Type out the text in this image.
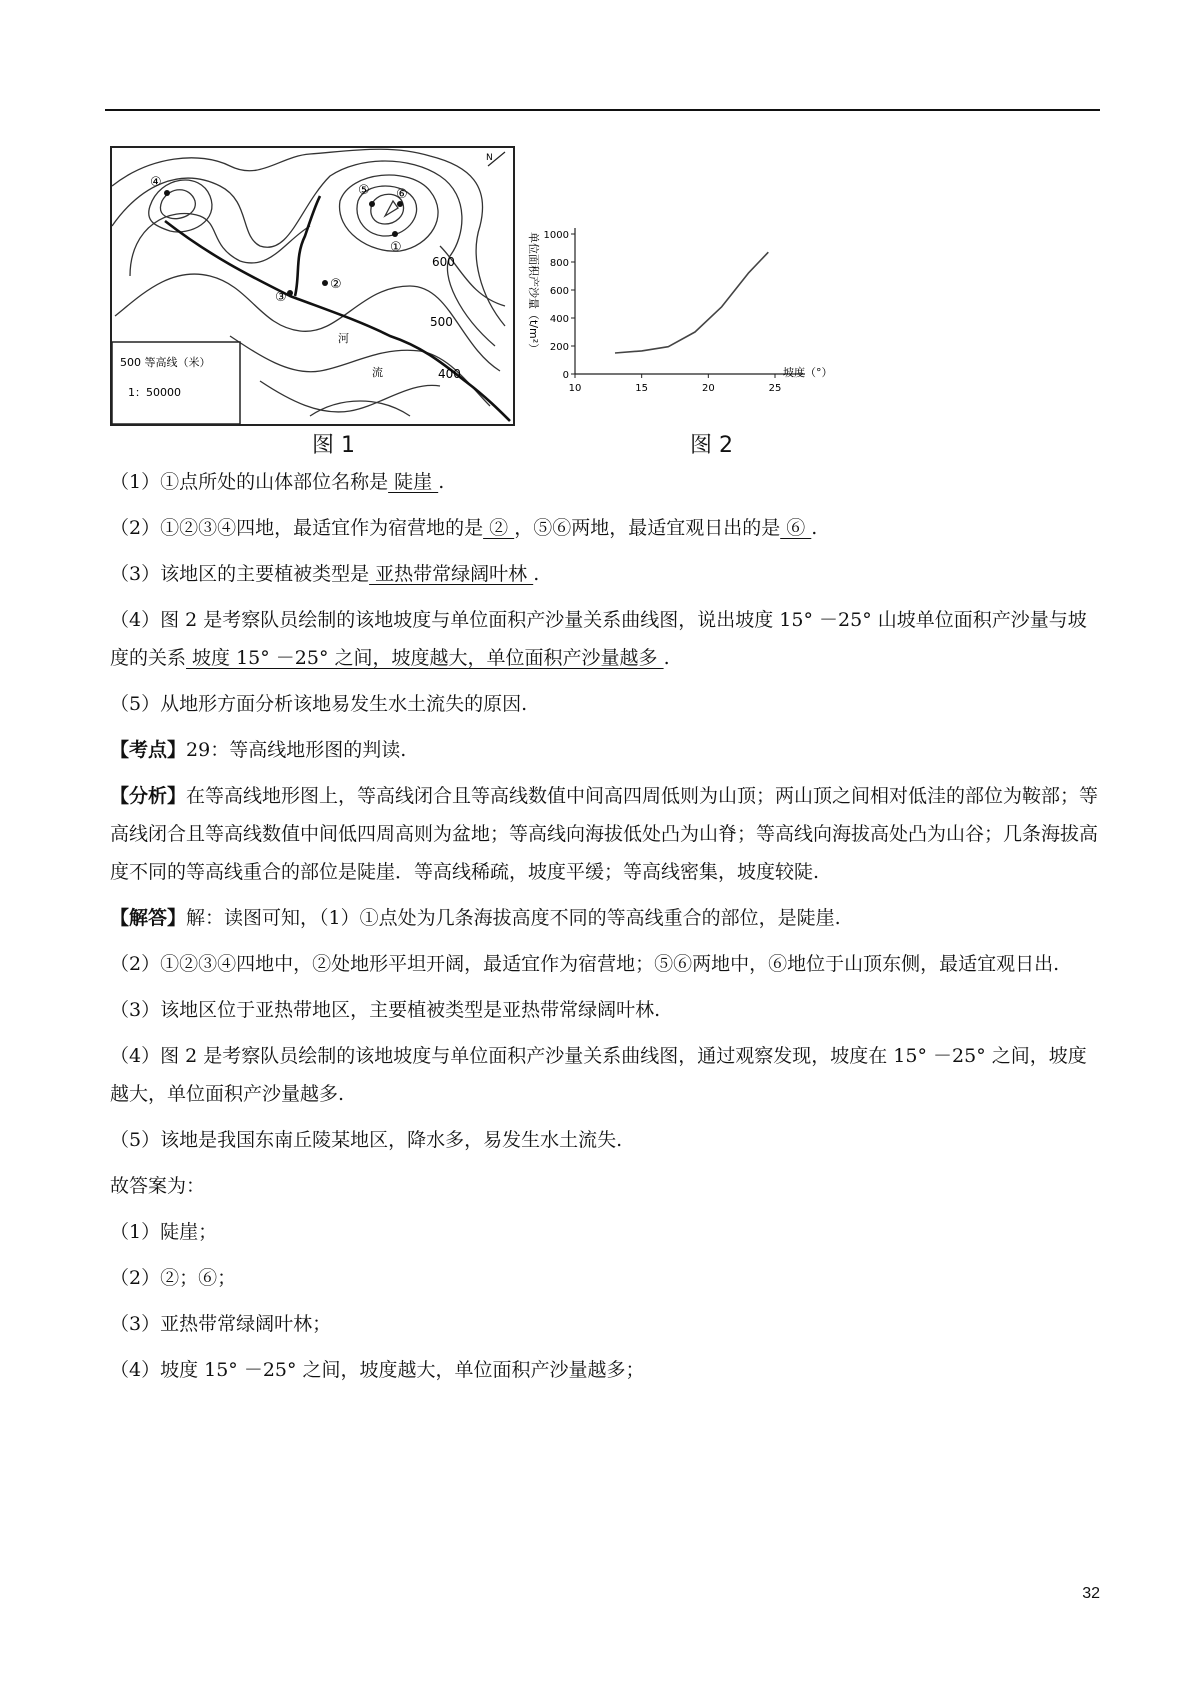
④
⑤ ⑥
①
②
③
600
500
400
河
流
N
500 等高线（米）
1：50000
0
200
400
600
800
1000
10	15	20	25
单位面积产沙量（t/m²）
坡度（°）
图 1	图 2

（1）①点所处的山体部位名称是 陡崖 .

（2）①②③④四地，最适宜作为宿营地的是 ② ，⑤⑥两地，最适宜观日出的是 ⑥ .

（3）该地区的主要植被类型是 亚热带常绿阔叶林 .

（4）图 2 是考察队员绘制的该地坡度与单位面积产沙量关系曲线图，说出坡度 15° －25° 山坡单位面积产沙量与坡度的关系 坡度 15° －25° 之间，坡度越大，单位面积产沙量越多 .

（5）从地形方面分析该地易发生水土流失的原因.

【考点】29：等高线地形图的判读.

【分析】在等高线地形图上，等高线闭合且等高线数值中间高四周低则为山顶；两山顶之间相对低洼的部位为鞍部；等高线闭合且等高线数值中间低四周高则为盆地；等高线向海拔低处凸为山脊；等高线向海拔高处凸为山谷；几条海拔高度不同的等高线重合的部位是陡崖．等高线稀疏，坡度平缓；等高线密集，坡度较陡.

【解答】解：读图可知，（1）①点处为几条海拔高度不同的等高线重合的部位，是陡崖.

（2）①②③④四地中，②处地形平坦开阔，最适宜作为宿营地；⑤⑥两地中，⑥地位于山顶东侧，最适宜观日出.

（3）该地区位于亚热带地区，主要植被类型是亚热带常绿阔叶林.

（4）图 2 是考察队员绘制的该地坡度与单位面积产沙量关系曲线图，通过观察发现，坡度在 15° －25° 之间，坡度越大，单位面积产沙量越多.

（5）该地是我国东南丘陵某地区，降水多，易发生水土流失.

故答案为：

（1）陡崖；

（2）②；⑥；

（3）亚热带常绿阔叶林；

（4）坡度 15° －25° 之间，坡度越大，单位面积产沙量越多；

32
